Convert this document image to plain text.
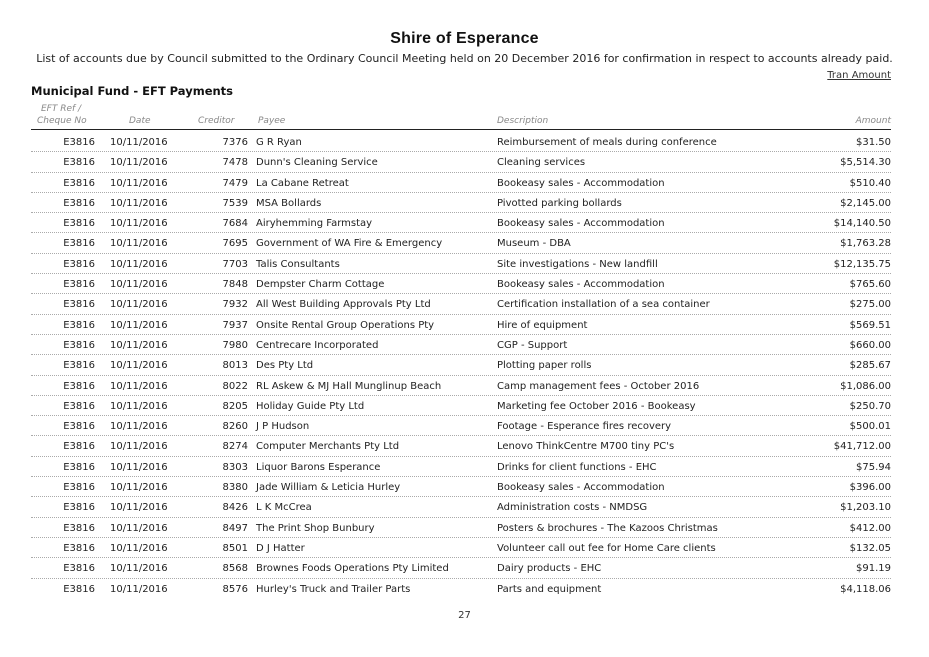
Shire of Esperance
List of accounts due by Council submitted to the Ordinary Council Meeting held on 20 December 2016 for confirmation in respect to accounts already paid.
Tran Amount
Municipal Fund - EFT Payments
EFT Ref /
Cheque No	Date	Creditor	Payee	Description	Amount
E3816 10/11/2016	7376 G R Ryan	Reimbursement of meals during conference	$31.50
E3816 10/11/2016	7478 Dunn's Cleaning Service	Cleaning services	$5,514.30
E3816 10/11/2016	7479 La Cabane Retreat	Bookeasy sales - Accommodation	$510.40
E3816 10/11/2016	7539 MSA Bollards	Pivotted parking bollards	$2,145.00
E3816 10/11/2016	7684 Airyhemming Farmstay	Bookeasy sales - Accommodation	$14,140.50
E3816 10/11/2016	7695 Government of WA Fire & Emergency	Museum - DBA	$1,763.28
E3816 10/11/2016	7703 Talis Consultants	Site investigations - New landfill	$12,135.75
E3816 10/11/2016	7848 Dempster Charm Cottage	Bookeasy sales - Accommodation	$765.60
E3816 10/11/2016	7932 All West Building Approvals Pty Ltd	Certification installation of a sea container	$275.00
E3816 10/11/2016	7937 Onsite Rental Group Operations Pty	Hire of equipment	$569.51
E3816 10/11/2016	7980 Centrecare Incorporated	CGP - Support	$660.00
E3816 10/11/2016	8013 Des Pty Ltd	Plotting paper rolls	$285.67
E3816 10/11/2016	8022 RL Askew & MJ Hall Munglinup Beach	Camp management fees - October 2016	$1,086.00
E3816 10/11/2016	8205 Holiday Guide Pty Ltd	Marketing fee October 2016 - Bookeasy	$250.70
E3816 10/11/2016	8260 J P Hudson	Footage - Esperance fires recovery	$500.01
E3816 10/11/2016	8274 Computer Merchants Pty Ltd	Lenovo ThinkCentre M700 tiny PC's	$41,712.00
E3816 10/11/2016	8303 Liquor Barons Esperance	Drinks for client functions - EHC	$75.94
E3816 10/11/2016	8380 Jade William & Leticia Hurley	Bookeasy sales - Accommodation	$396.00
E3816 10/11/2016	8426 L K McCrea	Administration costs - NMDSG	$1,203.10
E3816 10/11/2016	8497 The Print Shop Bunbury	Posters & brochures - The Kazoos Christmas	$412.00
E3816 10/11/2016	8501 D J Hatter	Volunteer call out fee for Home Care clients	$132.05
E3816 10/11/2016	8568 Brownes Foods Operations Pty Limited	Dairy products - EHC	$91.19
E3816 10/11/2016	8576 Hurley's Truck and Trailer Parts	Parts and equipment	$4,118.06
27
